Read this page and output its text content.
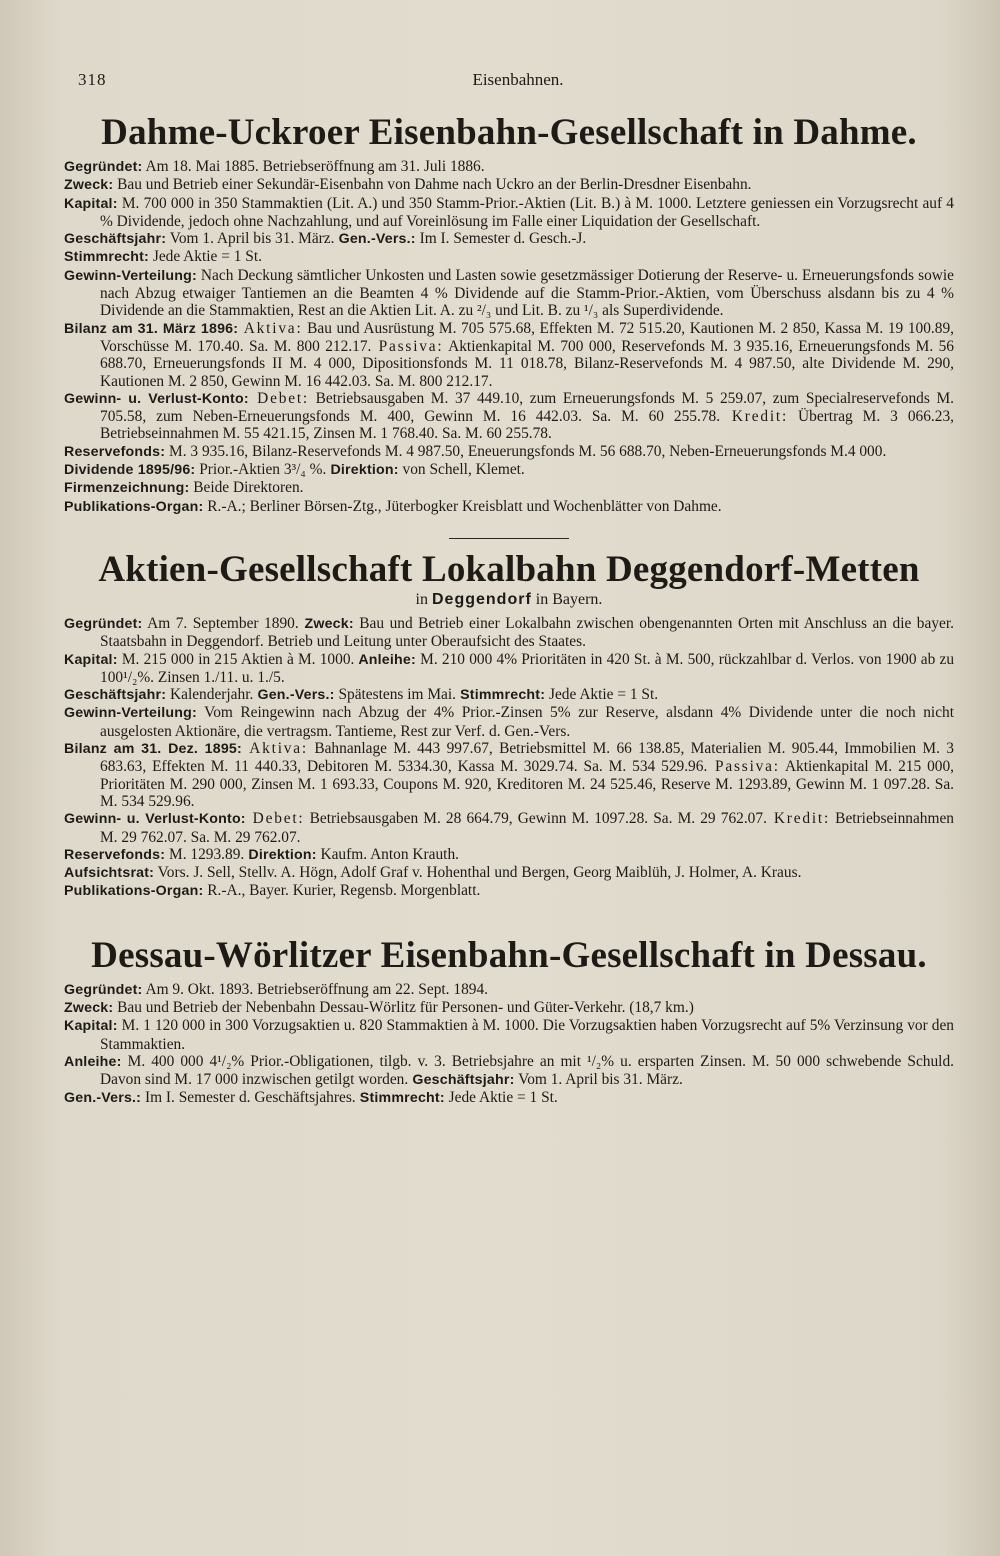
318	Eisenbahnen.
Dahme-Uckroer Eisenbahn-Gesellschaft in Dahme.

Gegründet: Am 18. Mai 1885. Betriebseröffnung am 31. Juli 1886.

Zweck: Bau und Betrieb einer Sekundär-Eisenbahn von Dahme nach Uckro an der Berlin-Dresdner Eisenbahn.

Kapital: M. 700 000 in 350 Stammaktien (Lit. A.) und 350 Stamm-Prior.-Aktien (Lit. B.) à M. 1000. Letztere geniessen ein Vorzugsrecht auf 4 % Dividende, jedoch ohne Nachzahlung, und auf Voreinlösung im Falle einer Liquidation der Gesellschaft.

Geschäftsjahr: Vom 1. April bis 31. März. Gen.-Vers.: Im I. Semester d. Gesch.-J.

Stimmrecht: Jede Aktie = 1 St.

Gewinn-Verteilung: Nach Deckung sämtlicher Unkosten und Lasten sowie gesetzmässiger Dotierung der Reserve- u. Erneuerungsfonds sowie nach Abzug etwaiger Tantiemen an die Beamten 4 % Dividende auf die Stamm-Prior.-Aktien, vom Überschuss alsdann bis zu 4 % Dividende an die Stammaktien, Rest an die Aktien Lit. A. zu ²/₃ und Lit. B. zu ¹/₃ als Superdividende.

Bilanz am 31. März 1896: Aktiva: Bau und Ausrüstung M. 705 575.68, Effekten M. 72 515.20, Kautionen M. 2 850, Kassa M. 19 100.89, Vorschüsse M. 170.40. Sa. M. 800 212.17. Passiva: Aktienkapital M. 700 000, Reservefonds M. 3 935.16, Erneuerungsfonds M. 56 688.70, Erneuerungsfonds II M. 4 000, Dipositionsfonds M. 11 018.78, Bilanz-Reservefonds M. 4 987.50, alte Dividende M. 290, Kautionen M. 2 850, Gewinn M. 16 442.03. Sa. M. 800 212.17.

Gewinn- u. Verlust-Konto: Debet: Betriebsausgaben M. 37 449.10, zum Erneuerungsfonds M. 5 259.07, zum Specialreservefonds M. 705.58, zum Neben-Erneuerungsfonds M. 400, Gewinn M. 16 442.03. Sa. M. 60 255.78. Kredit: Übertrag M. 3 066.23, Betriebseinnahmen M. 55 421.15, Zinsen M. 1 768.40. Sa. M. 60 255.78.

Reservefonds: M. 3 935.16, Bilanz-Reservefonds M. 4 987.50, Eneuerungsfonds M. 56 688.70, Neben-Erneuerungsfonds M.4 000.

Dividende 1895/96: Prior.-Aktien 3³/₄ %. Direktion: von Schell, Klemet.

Firmenzeichnung: Beide Direktoren.

Publikations-Organ: R.-A.; Berliner Börsen-Ztg., Jüterbogker Kreisblatt und Wochenblätter von Dahme.

Aktien-Gesellschaft Lokalbahn Deggendorf-Metten
in Deggendorf in Bayern.

Gegründet: Am 7. September 1890. Zweck: Bau und Betrieb einer Lokalbahn zwischen obengenannten Orten mit Anschluss an die bayer. Staatsbahn in Deggendorf. Betrieb und Leitung unter Oberaufsicht des Staates.

Kapital: M. 215 000 in 215 Aktien à M. 1000. Anleihe: M. 210 000 4% Prioritäten in 420 St. à M. 500, rückzahlbar d. Verlos. von 1900 ab zu 100¹/₂%. Zinsen 1./11. u. 1./5.

Geschäftsjahr: Kalenderjahr. Gen.-Vers.: Spätestens im Mai. Stimmrecht: Jede Aktie = 1 St.

Gewinn-Verteilung: Vom Reingewinn nach Abzug der 4% Prior.-Zinsen 5% zur Reserve, alsdann 4% Dividende unter die noch nicht ausgelosten Aktionäre, die vertragsm. Tantieme, Rest zur Verf. d. Gen.-Vers.

Bilanz am 31. Dez. 1895: Aktiva: Bahnanlage M. 443 997.67, Betriebsmittel M. 66 138.85, Materialien M. 905.44, Immobilien M. 3 683.63, Effekten M. 11 440.33, Debitoren M. 5334.30, Kassa M. 3029.74. Sa. M. 534 529.96. Passiva: Aktienkapital M. 215 000, Prioritäten M. 290 000, Zinsen M. 1 693.33, Coupons M. 920, Kreditoren M. 24 525.46, Reserve M. 1293.89, Gewinn M. 1 097.28. Sa. M. 534 529.96.

Gewinn- u. Verlust-Konto: Debet: Betriebsausgaben M. 28 664.79, Gewinn M. 1097.28. Sa. M. 29 762.07. Kredit: Betriebseinnahmen M. 29 762.07. Sa. M. 29 762.07.

Reservefonds: M. 1293.89. Direktion: Kaufm. Anton Krauth.

Aufsichtsrat: Vors. J. Sell, Stellv. A. Högn, Adolf Graf v. Hohenthal und Bergen, Georg Maiblüh, J. Holmer, A. Kraus.

Publikations-Organ: R.-A., Bayer. Kurier, Regensb. Morgenblatt.

Dessau-Wörlitzer Eisenbahn-Gesellschaft in Dessau.

Gegründet: Am 9. Okt. 1893. Betriebseröffnung am 22. Sept. 1894.

Zweck: Bau und Betrieb der Nebenbahn Dessau-Wörlitz für Personen- und Güter-Verkehr. (18,7 km.)

Kapital: M. 1 120 000 in 300 Vorzugsaktien u. 820 Stammaktien à M. 1000. Die Vorzugsaktien haben Vorzugsrecht auf 5% Verzinsung vor den Stammaktien.

Anleihe: M. 400 000 4¹/₂% Prior.-Obligationen, tilgb. v. 3. Betriebsjahre an mit ¹/₂% u. ersparten Zinsen. M. 50 000 schwebende Schuld. Davon sind M. 17 000 inzwischen getilgt worden. Geschäftsjahr: Vom 1. April bis 31. März.

Gen.-Vers.: Im I. Semester d. Geschäftsjahres. Stimmrecht: Jede Aktie = 1 St.
